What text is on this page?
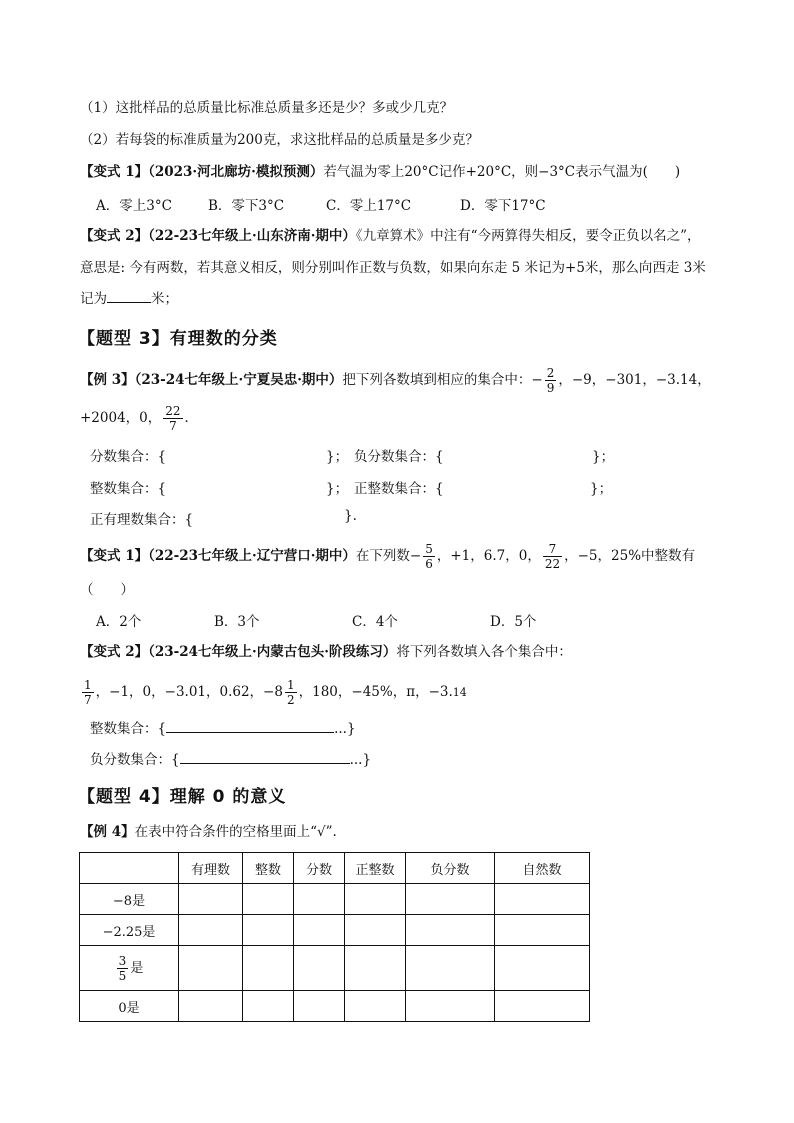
（1）这批样品的总质量比标准总质量多还是少？多或少几克？
（2）若每袋的标准质量为200克，求这批样品的总质量是多少克？
【变式 1】（2023·河北廊坊·模拟预测）若气温为零上20°C记作+20°C，则−3°C表示气温为(　　)
A．零上3°C	B．零下3°C	C．零上17°C	D．零下17°C
【变式 2】（22-23七年级上·山东济南·期中）《九章算术》中注有“今两算得失相反，要令正负以名之”，
意思是: 今有两数，若其意义相反，则分别叫作正数与负数，如果向东走 5 米记为+5米，那么向西走 3米
记为	米；
【题型 3】有理数的分类
【例 3】（23-24七年级上·宁夏吴忠·期中）把下列各数填到相应的集合中：− $\frac{2}{9}$ ，−9，−301，−3.14，
+2004，0， $\frac{22}{7}$ ．
分数集合：{	}； 负分数集合：{	}；
整数集合：{	}； 正整数集合：{	}；
正有理数集合：{	}.
【变式 1】（22-23七年级上·辽宁营口·期中）在下列数− $\frac{5}{6}$ ，+1，6.7，0， $\frac{7}{22}$ ，−5，25%中整数有
（　　）
A．2个	B．3个	C．4个	D．5个
【变式 2】（23-24七年级上·内蒙古包头·阶段练习）将下列各数填入各个集合中：
$\frac{1}{7}$ ，−1，0，−3.01，0.62，$-8 \frac{1}{2}$ ，180，−45%，π，−3.14̇
整数集合：{	...}
负分数集合：{	...}
【题型 4】理解 0 的意义
【例 4】在表中符合条件的空格里面上“√”.
	有理数	整数	分数	正整数	负分数	自然数
−8是						
−2.25是						

$\frac{3}{5}$ 是						
0是						
